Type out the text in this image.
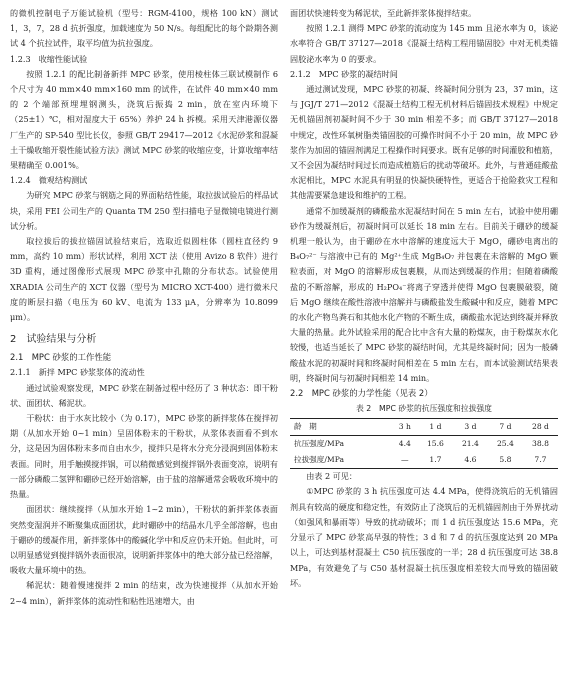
的微机控制电子万能试验机（型号：RGM-4100，规格 100 kN）测试 1，3，7，28 d 抗折强度，加载速度为 50 N/s。每组配比的每个龄期各测试 4 个抗拉试件，取平均值为抗拉强度。

1.2.3　收缩性能试验

按照 1.2.1 的配比制备新拌 MPC 砂浆，使用棱柱体三联试模制作 6 个尺寸为 40 mm×40 mm×160 mm 的试件，在试件 40 mm×40 mm 的 2 个端部预埋埋钢测头，浇筑后振捣 2 min，放在室内环境下（25±1）℃，相对湿度大于 65%）养护 24 h 拆模。采用天津港源仪器厂生产的 SP-540 型比长仪，参照 GB/T 29417—2012《水泥砂浆和混凝土干燥收缩开裂性能试验方法》测试 MPC 砂浆的收缩应变，计算收缩率结果精确至 0.001%。

1.2.4　微观结构测试

为研究 MPC 砂浆与钢筋之间的界面粘结性能，取拉拔试验后的样品试块，采用 FEI 公司生产的 Quanta TM 250 型扫描电子显微镜电镜进行测试分析。

取拉拔后的拔拉锚固试验结束后，选取近似圆柱体（圆柱直径约 9 mm，高约 10 mm）形状试样，利用 XCT 法（使用 Avizo 8 软件）进行 3D 重构，通过图像形式展现 MPC 砂浆中孔隙的分布状态。试验使用 XRADIA 公司生产的 XCT 仪器（型号为 MICRO XCT-400）进行微米尺度的断层扫描（电压为 60 kV、电流为 133 μA，分辨率为 10.8099 μm）。

2　试验结果与分析
2.1　MPC 砂浆的工作性能
2.1.1　新拌 MPC 砂浆浆体的流动性

通过试验观察发现，MPC 砂浆在制备过程中经历了 3 种状态：即干粉状、面团状、稀泥状。

干粉状：由于水灰比较小（为 0.17），MPC 砂浆的新拌浆体在搅拌初期（从加水开始 0~1 min）呈固体粉末的干粉状，从浆体表面看不到水分，这是因为固体粉末多而自由水少，搅拌只是将水分充分浸润到固体粉末表面。同时，用手触摸搅拌锅，可以稍微感觉到搅拌锅外表面变凉，说明有一部分磷酸二氢钾和硼砂已经开始溶解，由于盐的溶解通常会吸收环境中的热量。

面团状：继续搅拌（从加水开始 1~2 min），干粉状的新拌浆体表面突然变湿润并不断聚集成面团状，此时硼砂中的结晶水几乎全部溶解，也由于硼砂的缓凝作用，新拌浆体中的酸碱化学中和反应仍未开始。但此时，可以明显感觉到搅拌锅外表面很凉，说明新拌浆体中的绝大部分盐已经溶解，吸收大量环境中的热。

稀泥状：随着慢速搅拌 2 min 的结束，改为快速搅拌（从加水开始 2~4 min），新拌浆体的流动性和粘性迅速增大，由

面团状快速转变为稀泥状，至此新拌浆体搅拌结束。

按照 1.2.1 测得 MPC 砂浆的流动度为 145 mm 且泌水率为 0，该泌水率符合 GB/T 37127—2018《混凝土结构工程用锚固胶》中对无机类锚固胶泌水率为 0 的要求。

2.1.2　MPC 砂浆的凝结时间

通过测试发现，MPC 砂浆的初凝、终凝时间分别为 23，37 min，这与 JGJ/T 271—2012《混凝土结构工程无机材料后锚固技术规程》中规定无机锚固剂初凝时间不少于 30 min 相差不多；而 GB/T 37127—2018 中规定，改性环氧树脂类锚固胶的可操作时间不小于 20 min，故 MPC 砂浆作为加固的锚固剂满足工程操作时间要求。既有足够的时间灌胶和植筋，又不会因为凝结时间过长而造成植筋后的扰动等破坏。此外，与普通硅酸盐水泥相比，MPC 水泥具有明显的快凝快硬特性，更适合于抢险救灾工程和其他需要紧急建设和维护的工程。

通常不加缓凝剂的磷酸盐水泥凝结时间在 5 min 左右，试验中使用硼砂作为缓凝剂后，初凝时间可以延长 18 min 左右。目前关于硼砂的缓凝机理一般认为，由于硼砂在水中溶解的速度远大于 MgO，硼砂电离出的 B₄O₇²⁻ 与溶液中已有的 Mg²⁺生成 MgB₄O₇ 并包裹在未溶解的 MgO 颗粒表面，对 MgO 的溶解形成包裹膜，从而达到缓凝的作用；但随着磷酸盐的不断溶解，形成的 H₂PO₄⁻将离子穿透并使得 MgO 包裹膜破裂，随后 MgO 继续在酸性溶液中溶解并与磷酸盐发生酸碱中和反应，随着 MPC 的水化产物鸟粪石和其他水化产物的不断生成，磷酸盐水泥达到终凝并释放大量的热量。此外试验采用的配合比中含有大量的粉煤灰，由于粉煤灰水化较慢，也适当延长了 MPC 砂浆的凝结时间，尤其是终凝时间；因为一般磷酸盐水泥的初凝时间和终凝时间相差在 5 min 左右，而本试验测试结果表明，终凝时间与初凝时间相差 14 min。

2.2　MPC 砂浆的力学性能（见表 2）
表 2　MPC 砂浆的抗压强度和拉拔强度
龄　期	3 h	1 d	3 d	7 d	28 d
抗压强度/MPa	4.4	15.6	21.4	25.4	38.8
拉拔强度/MPa	—	1.7	4.6	5.8	7.7

由表 2 可见：

①MPC 砂浆的 3 h 抗压强度可达 4.4 MPa，使得浇筑后的无机锚固剂具有较高的硬度和稳定性，有效防止了浇筑后的无机锚固剂由于外界扰动（如强风和暴雨等）导致的扰动破坏；而 1 d 抗压强度达 15.6 MPa，充分显示了 MPC 砂浆高早强的特性；3 d 和 7 d 的抗压强度达到 20 MPa 以上，可达到基材混凝土 C50 抗压强度的一半；28 d 抗压强度可达 38.8 MPa，有效避免了与 C50 基材混凝土抗压强度相差较大而导致的锚固破坏。
